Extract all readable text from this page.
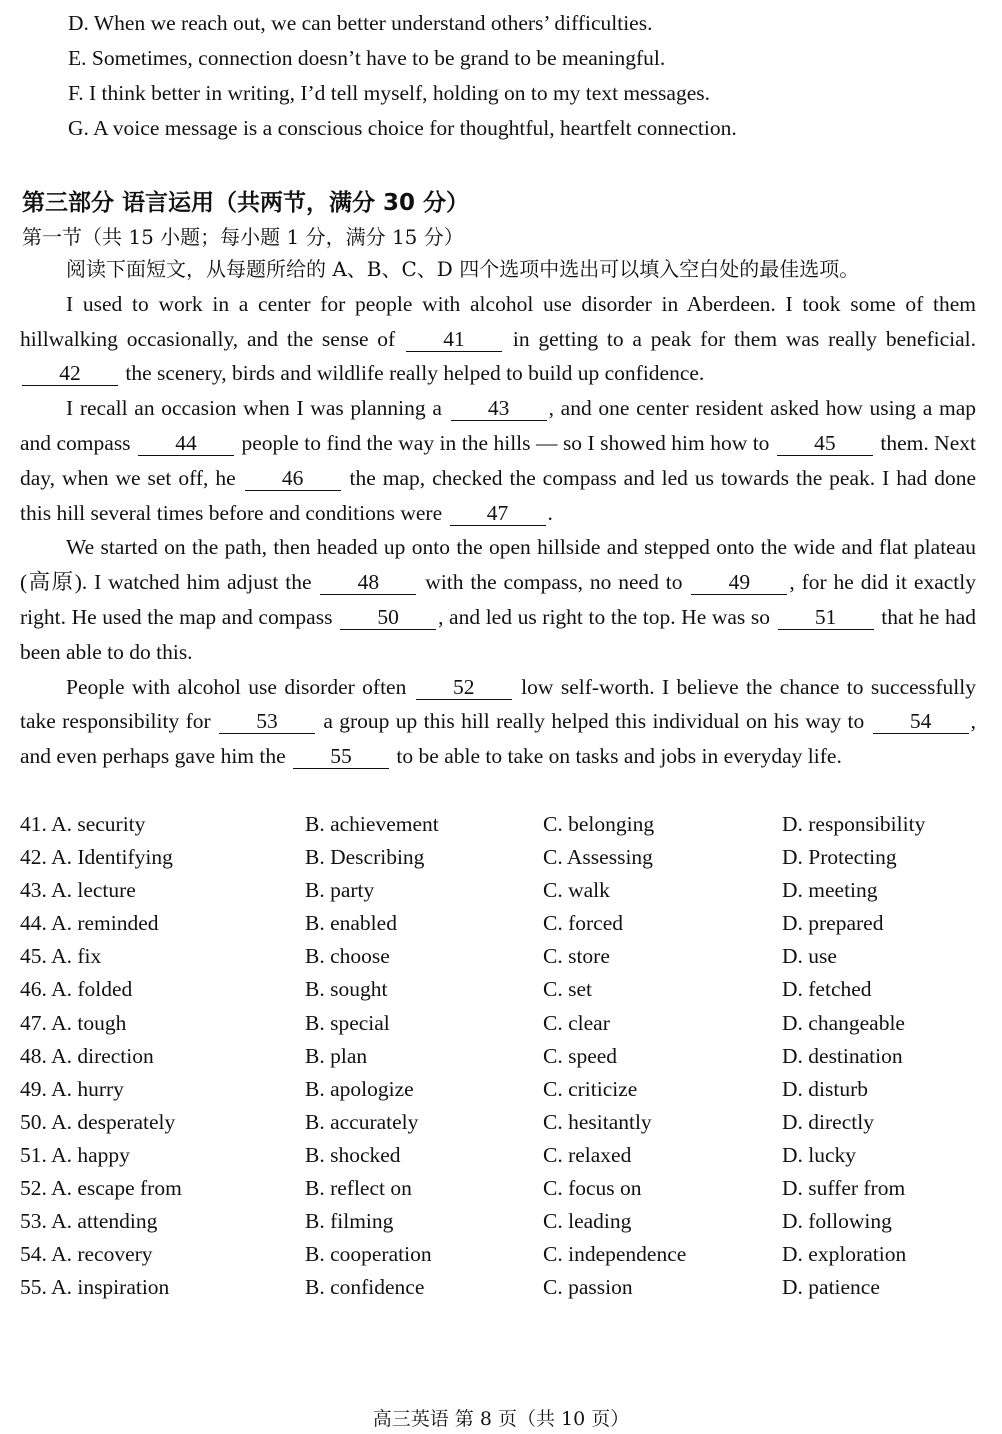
D. When we reach out, we can better understand others’ difficulties.
E. Sometimes, connection doesn’t have to be grand to be meaningful.
F. I think better in writing, I’d tell myself, holding on to my text messages.
G. A voice message is a conscious choice for thoughtful, heartfelt connection.
第三部分 语言运用（共两节，满分 30 分）
第一节（共 15 小题；每小题 1 分，满分 15 分）

阅读下面短文，从每题所给的 A、B、C、D 四个选项中选出可以填入空白处的最佳选项。

I used to work in a center for people with alcohol use disorder in Aberdeen. I took some of them hillwalking occasionally, and the sense of 41 in getting to a peak for them was really beneficial. 42 the scenery, birds and wildlife really helped to build up confidence.

I recall an occasion when I was planning a 43 , and one center resident asked how using a map and compass 44 people to find the way in the hills — so I showed him how to 45 them. Next day, when we set off, he 46 the map, checked the compass and led us towards the peak. I had done this hill several times before and conditions were 47 .

We started on the path, then headed up onto the open hillside and stepped onto the wide and flat plateau (高原). I watched him adjust the 48 with the compass, no need to 49 , for he did it exactly right. He used the map and compass 50 , and led us right to the top. He was so 51 that he had been able to do this.

People with alcohol use disorder often 52 low self-worth. I believe the chance to successfully take responsibility for 53 a group up this hill really helped this individual on his way to 54 , and even perhaps gave him the 55 to be able to take on tasks and jobs in everyday life.

41. A. security	B. achievement	C. belonging	D. responsibility
42. A. Identifying	B. Describing	C. Assessing	D. Protecting
43. A. lecture	B. party	C. walk	D. meeting
44. A. reminded	B. enabled	C. forced	D. prepared
45. A. fix	B. choose	C. store	D. use
46. A. folded	B. sought	C. set	D. fetched
47. A. tough	B. special	C. clear	D. changeable
48. A. direction	B. plan	C. speed	D. destination
49. A. hurry	B. apologize	C. criticize	D. disturb
50. A. desperately	B. accurately	C. hesitantly	D. directly
51. A. happy	B. shocked	C. relaxed	D. lucky
52. A. escape from	B. reflect on	C. focus on	D. suffer from
53. A. attending	B. filming	C. leading	D. following
54. A. recovery	B. cooperation	C. independence	D. exploration
55. A. inspiration	B. confidence	C. passion	D. patience
高三英语 第 8 页（共 10 页）
